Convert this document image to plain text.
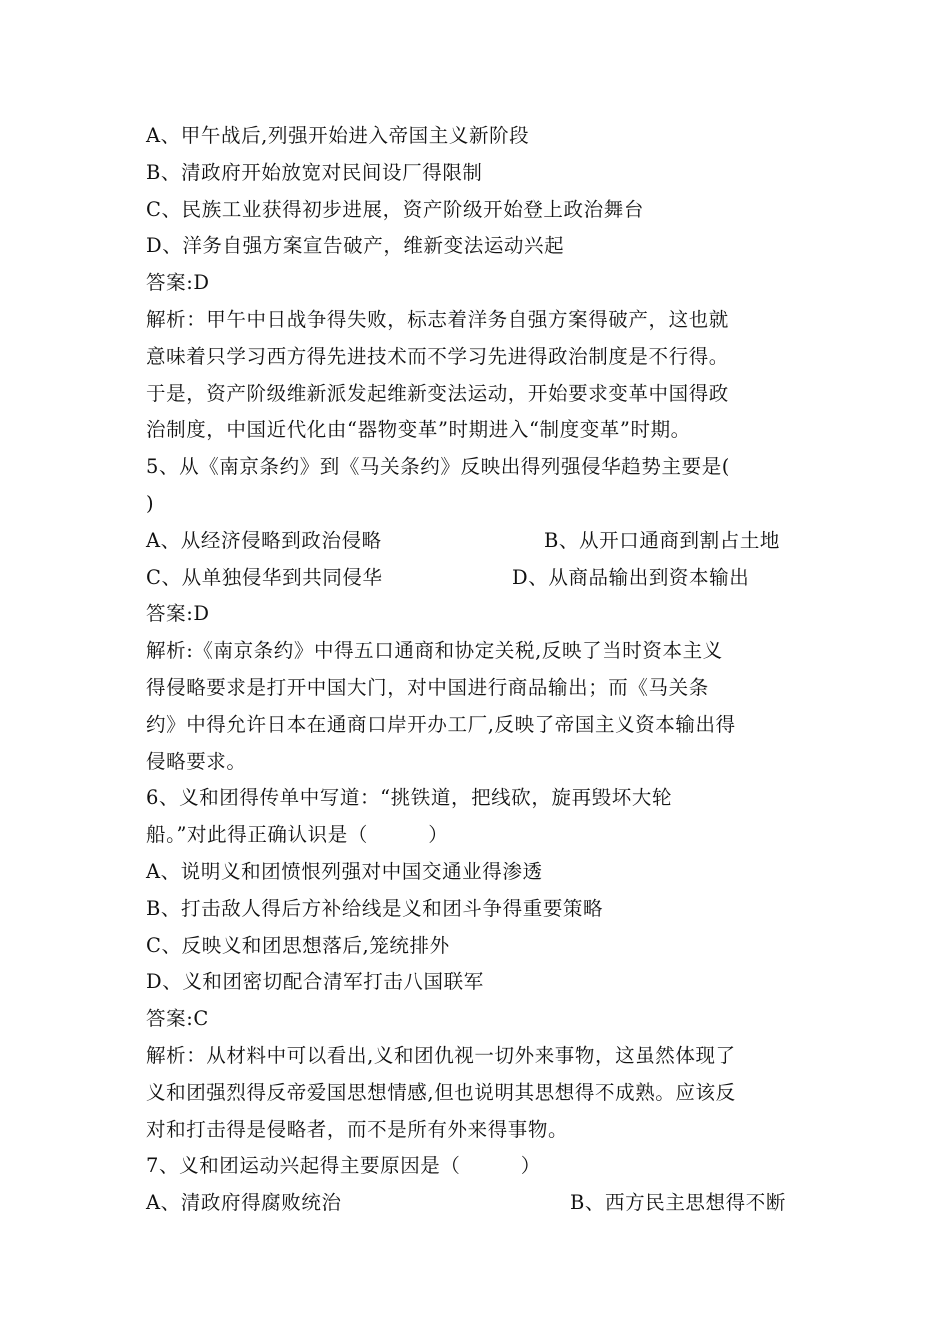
A、甲午战后,列强开始进入帝国主义新阶段
B、清政府开始放宽对民间设厂得限制
C、民族工业获得初步进展，资产阶级开始登上政治舞台
D、洋务自强方案宣告破产，维新变法运动兴起
答案:D
解析：甲午中日战争得失败，标志着洋务自强方案得破产，这也就
意味着只学习西方得先进技术而不学习先进得政治制度是不行得。
于是，资产阶级维新派发起维新变法运动，开始要求变革中国得政
治制度，中国近代化由“器物变革”时期进入“制度变革”时期。
5、从《南京条约》到《马关条约》反映出得列强侵华趋势主要是(
)
A、从经济侵略到政治侵略	B、从开口通商到割占土地
C、从单独侵华到共同侵华	D、从商品输出到资本输出
答案:D
解析:《南京条约》中得五口通商和协定关税,反映了当时资本主义
得侵略要求是打开中国大门，对中国进行商品输出；而《马关条
约》中得允许日本在通商口岸开办工厂,反映了帝国主义资本输出得
侵略要求。
6、义和团得传单中写道：“挑铁道，把线砍，旋再毁坏大轮
船。”对此得正确认识是（　　　）
A、说明义和团愤恨列强对中国交通业得渗透
B、打击敌人得后方补给线是义和团斗争得重要策略
C、反映义和团思想落后,笼统排外
D、义和团密切配合清军打击八国联军
答案:C
解析：从材料中可以看出,义和团仇视一切外来事物，这虽然体现了
义和团强烈得反帝爱国思想情感,但也说明其思想得不成熟。应该反
对和打击得是侵略者，而不是所有外来得事物。
7、义和团运动兴起得主要原因是（　　　）
A、清政府得腐败统治	B、西方民主思想得不断
